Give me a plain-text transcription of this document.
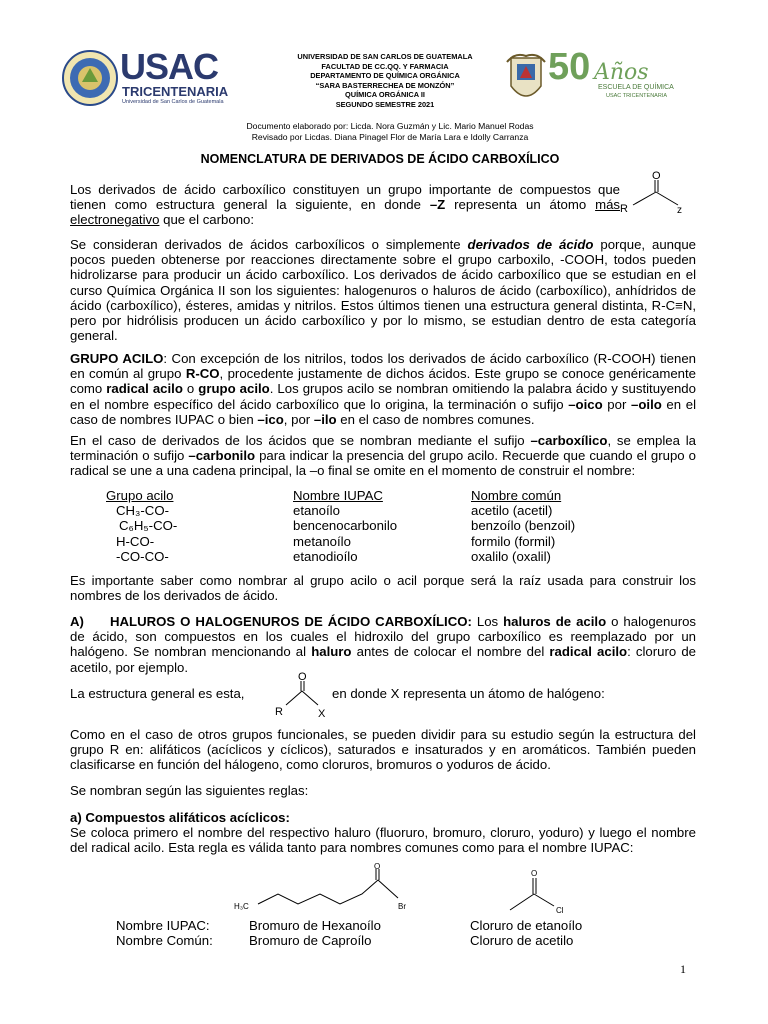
USAC
TRICENTENARIA
Universidad de San Carlos de Guatemala
UNIVERSIDAD DE SAN CARLOS DE GUATEMALA
FACULTAD DE CC.QQ. Y FARMACIA
DEPARTAMENTO DE QUÍMICA ORGÁNICA
“SARA BASTERRECHEA DE MONZÓN”
QUÍMICA ORGÁNICA II
SEGUNDO SEMESTRE 2021
50 Años
ESCUELA DE QUÍMICA
USAC TRICENTENARIA
Documento elaborado por: Licda. Nora Guzmán y Lic. Mario Manuel Rodas
Revisado por Licdas. Diana Pinagel Flor de María Lara e Idolly Carranza
NOMENCLATURA DE DERIVADOS DE ÁCIDO CARBOXÍLICO
Los derivados de ácido carboxílico constituyen un grupo importante de compuestos que tienen como estructura general la siguiente, en donde –Z representa un átomo más electronegativo que el carbono:
O
R	z
Se consideran derivados de ácidos carboxílicos o simplemente derivados de ácido porque, aunque pocos pueden obtenerse por reacciones directamente sobre el grupo carboxilo, -COOH, todos pueden hidrolizarse para producir un ácido carboxílico. Los derivados de ácido carboxílico que se estudian en el curso Química Orgánica II son los siguientes: halogenuros o haluros de ácido (carboxílico), anhídridos de ácido (carboxílico), ésteres, amidas y nitrilos. Estos últimos tienen una estructura general distinta, R-C≡N, pero por hidrólisis producen un ácido carboxílico y por lo mismo, se estudian dentro de esta categoría general.
GRUPO ACILO: Con excepción de los nitrilos, todos los derivados de ácido carboxílico (R-COOH) tienen en común al grupo R-CO, procedente justamente de dichos ácidos. Este grupo se conoce genéricamente como radical acilo o grupo acilo. Los grupos acilo se nombran omitiendo la palabra ácido y sustituyendo en el nombre específico del ácido carboxílico que lo origina, la terminación o sufijo –oico por –oilo en el caso de nombres IUPAC o bien –ico, por –ilo en el caso de nombres comunes.
En el caso de derivados de los ácidos que se nombran mediante el sufijo –carboxílico, se emplea la terminación o sufijo –carbonilo para indicar la presencia del grupo acilo. Recuerde que cuando el grupo o radical se une a una cadena principal, la –o final se omite en el momento de construir el nombre:
Grupo acilo
CH₃-CO-
C₆H₅-CO-
H-CO-
-CO-CO-
Nombre IUPAC
etanoílo
bencenocarbonilo
metanoílo
etanodioílo
Nombre común
acetilo (acetil)
benzoílo (benzoil)
formilo (formil)
oxalilo (oxalil)
Es importante saber como nombrar al grupo acilo o acil porque será la raíz usada para construir los nombres de los derivados de ácido.
A) HALUROS O HALOGENUROS DE ÁCIDO CARBOXÍLICO: Los haluros de acilo o halogenuros de ácido, son compuestos en los cuales el hidroxilo del grupo carboxílico es reemplazado por un halógeno. Se nombran mencionando al haluro antes de colocar el nombre del radical acilo: cloruro de acetilo, por ejemplo.
La estructura general es esta,
O
R	X
en donde X representa un átomo de halógeno:
Como en el caso de otros grupos funcionales, se pueden dividir para su estudio según la estructura del grupo R en: alifáticos (acíclicos y cíclicos), saturados e insaturados y en aromáticos. También pueden clasificarse en función del hálogeno, como cloruros, bromuros o yoduros de ácido.
Se nombran según las siguientes reglas:
a) Compuestos alifáticos acíclicos:
Se coloca primero el nombre del respectivo haluro (fluoruro, bromuro, cloruro, yoduro) y luego el nombre del radical acilo. Esta regla es válida tanto para nombres comunes como para el nombre IUPAC:
H₃C
O
Br
O
Cl
Nombre IUPAC:
Nombre Común:
Bromuro de Hexanoílo
Bromuro de Caproílo
Cloruro de etanoílo
Cloruro de acetilo
1
